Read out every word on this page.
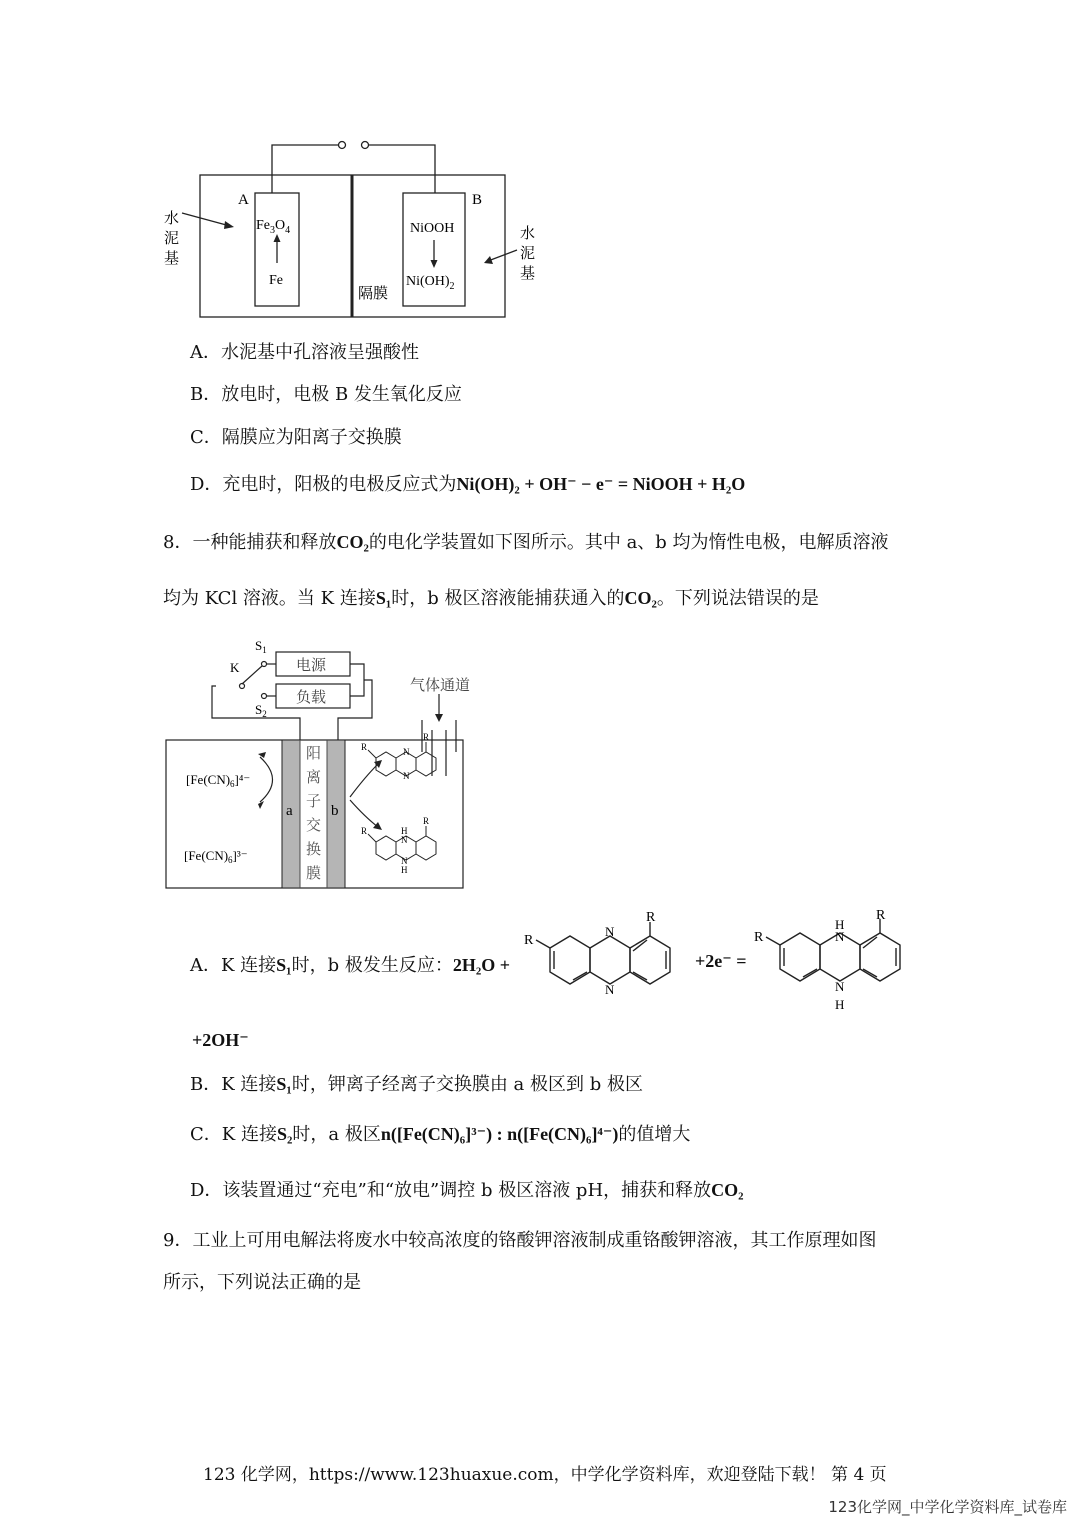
A	B
水
泥
基
水
泥
基
$Fe_3O_4$
Fe
NiOOH
$Ni(OH)_2$
隔膜
A．水泥基中孔溶液呈强酸性
B．放电时，电极 B 发生氧化反应
C．隔膜应为阳离子交换膜
D．充电时，阳极的电极反应式为Ni(OH)₂ + OH⁻ − e⁻ = NiOOH + H₂O
8．一种能捕获和释放CO₂的电化学装置如下图所示。其中 a、b 均为惰性电极，电解质溶液
均为 KCl 溶液。当 K 连接S₁时，b 极区溶液能捕获通入的CO₂。下列说法错误的是
阳
离
子
交
换
膜
a	b
$S_1$
K
$S_2$
电源
负载
气体通道
$[Fe(CN)_6]^{4-}$
$[Fe(CN)_6]^{3-}$
R
R
N
N
R
R
H
N
N
H
A．K 连接S₁时，b 极发生反应：2H₂O +
R
R
N
N
+2e⁻ =
R
R
H
N
N
H
+2OH⁻
B．K 连接S₁时，钾离子经离子交换膜由 a 极区到 b 极区
C．K 连接S₂时，a 极区n([Fe(CN)₆]³⁻) : n([Fe(CN)₆]⁴⁻)的值增大
D．该装置通过“充电”和“放电”调控 b 极区溶液 pH，捕获和释放CO₂
9．工业上可用电解法将废水中较高浓度的铬酸钾溶液制成重铬酸钾溶液，其工作原理如图
所示，下列说法正确的是
123 化学网，https://www.123huaxue.com，中学化学资料库，欢迎登陆下载！ 第 4 页
123化学网_中学化学资料库_试卷库
